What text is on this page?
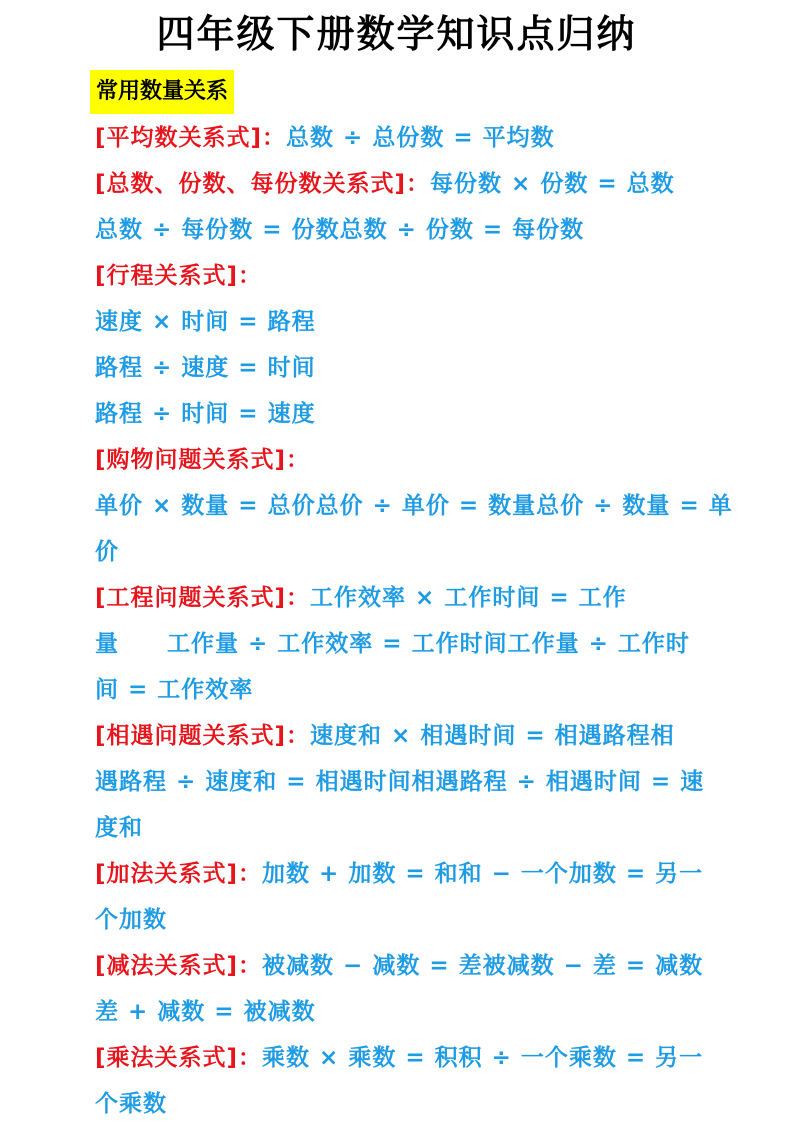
四年级下册数学知识点归纳
常用数量关系
[平均数关系式]：总数 ÷ 总份数 = 平均数
[总数、份数、每份数关系式]：每份数 × 份数 = 总数
总数 ÷ 每份数 = 份数总数 ÷ 份数 = 每份数
[行程关系式]：
速度 × 时间 = 路程
路程 ÷ 速度 = 时间
路程 ÷ 时间 = 速度
[购物问题关系式]：
单价 × 数量 = 总价总价 ÷ 单价 = 数量总价 ÷ 数量 = 单
价
[工程问题关系式]：工作效率 × 工作时间 = 工作
量　　工作量 ÷ 工作效率 = 工作时间工作量 ÷ 工作时
间 = 工作效率
[相遇问题关系式]：速度和 × 相遇时间 = 相遇路程相
遇路程 ÷ 速度和 = 相遇时间相遇路程 ÷ 相遇时间 = 速
度和
[加法关系式]：加数 + 加数 = 和和 − 一个加数 = 另一
个加数
[减法关系式]：被减数 − 减数 = 差被减数 − 差 = 减数
差 + 减数 = 被减数
[乘法关系式]：乘数 × 乘数 = 积积 ÷ 一个乘数 = 另一
个乘数
